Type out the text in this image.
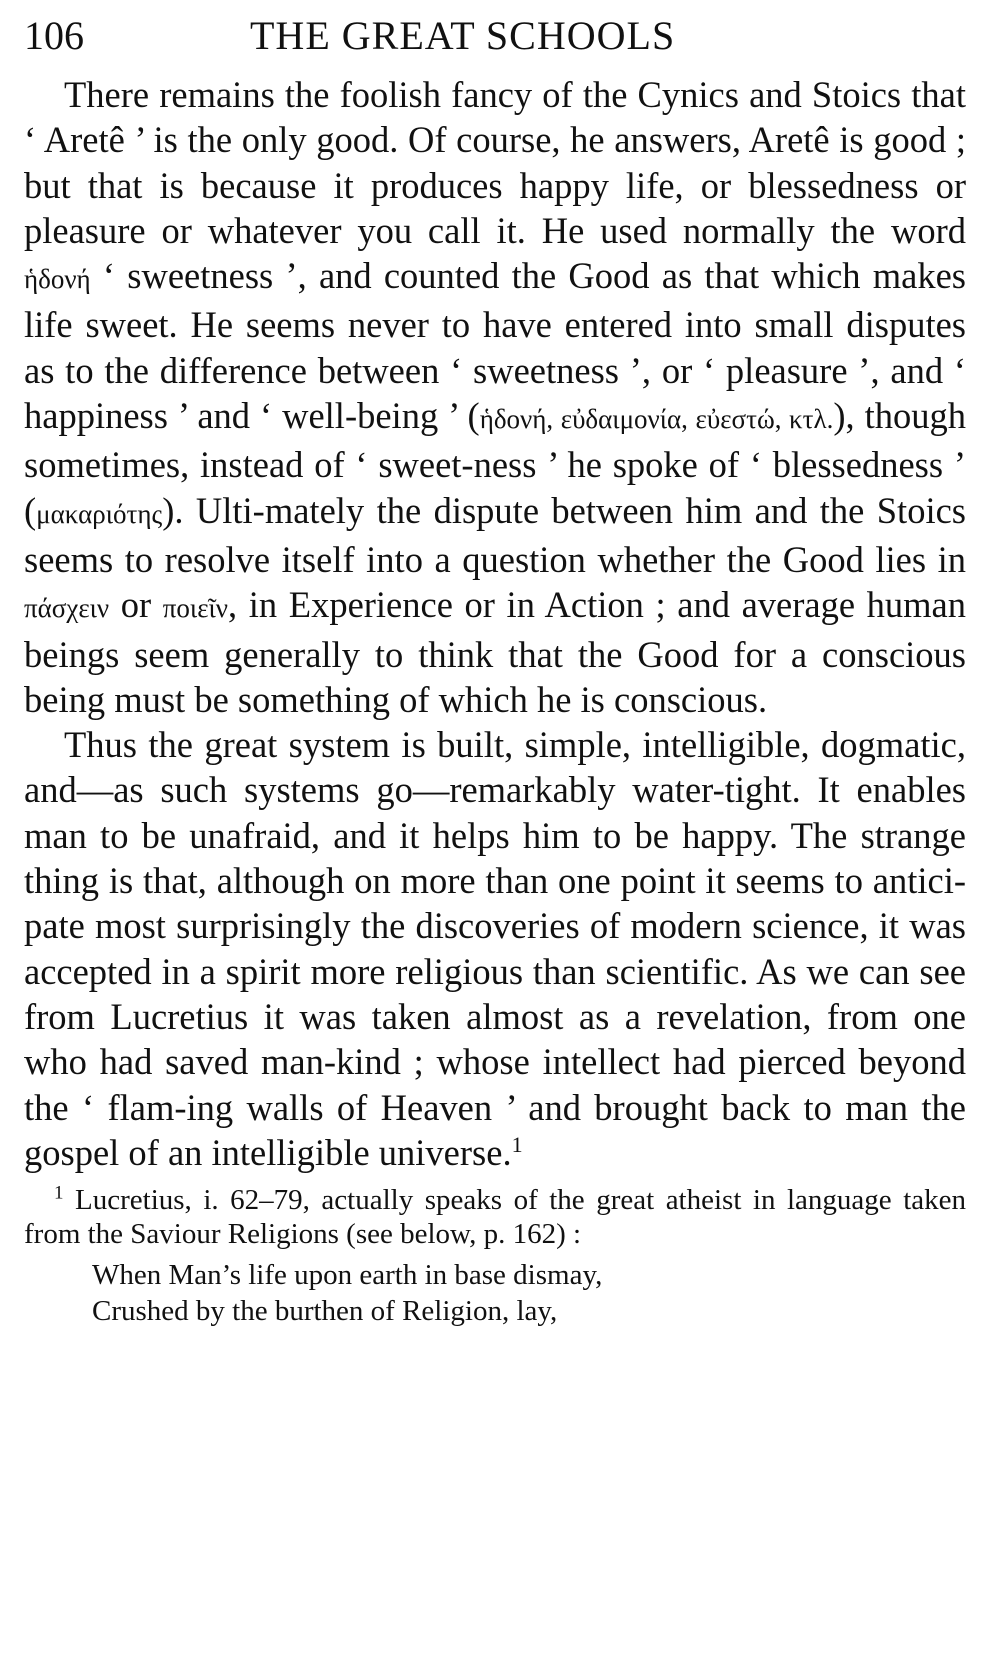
106	THE GREAT SCHOOLS

There remains the foolish fancy of the Cynics and Stoics that ‘ Aretê ’ is the only good. Of course, he answers, Aretê is good ; but that is because it produces happy life, or blessedness or pleasure or whatever you call it. He used normally the word ἡδονή ‘ sweetness ’, and counted the Good as that which makes life sweet. He seems never to have entered into small disputes as to the difference between ‘ sweetness ’, or ‘ pleasure ’, and ‘ happiness ’ and ‘ well-being ’ (ἡδονή, εὐδαιμονία, εὐεστώ, κτλ.), though sometimes, instead of ‘ sweet-ness ’ he spoke of ‘ blessedness ’ (μακαριότης). Ulti-mately the dispute between him and the Stoics seems to resolve itself into a question whether the Good lies in πάσχειν or ποιεῖν, in Experience or in Action ; and average human beings seem generally to think that the Good for a conscious being must be something of which he is conscious.

Thus the great system is built, simple, intelligible, dogmatic, and—as such systems go—remarkably water-tight. It enables man to be unafraid, and it helps him to be happy. The strange thing is that, although on more than one point it seems to antici-pate most surprisingly the discoveries of modern science, it was accepted in a spirit more religious than scientific. As we can see from Lucretius it was taken almost as a revelation, from one who had saved man-kind ; whose intellect had pierced beyond the ‘ flam-ing walls of Heaven ’ and brought back to man the gospel of an intelligible universe.$^1$

$^1$ Lucretius, i. 62–79, actually speaks of the great atheist in language taken from the Saviour Religions (see below, p. 162) :

When Man’s life upon earth in base dismay,
Crushed by the burthen of Religion, lay,
